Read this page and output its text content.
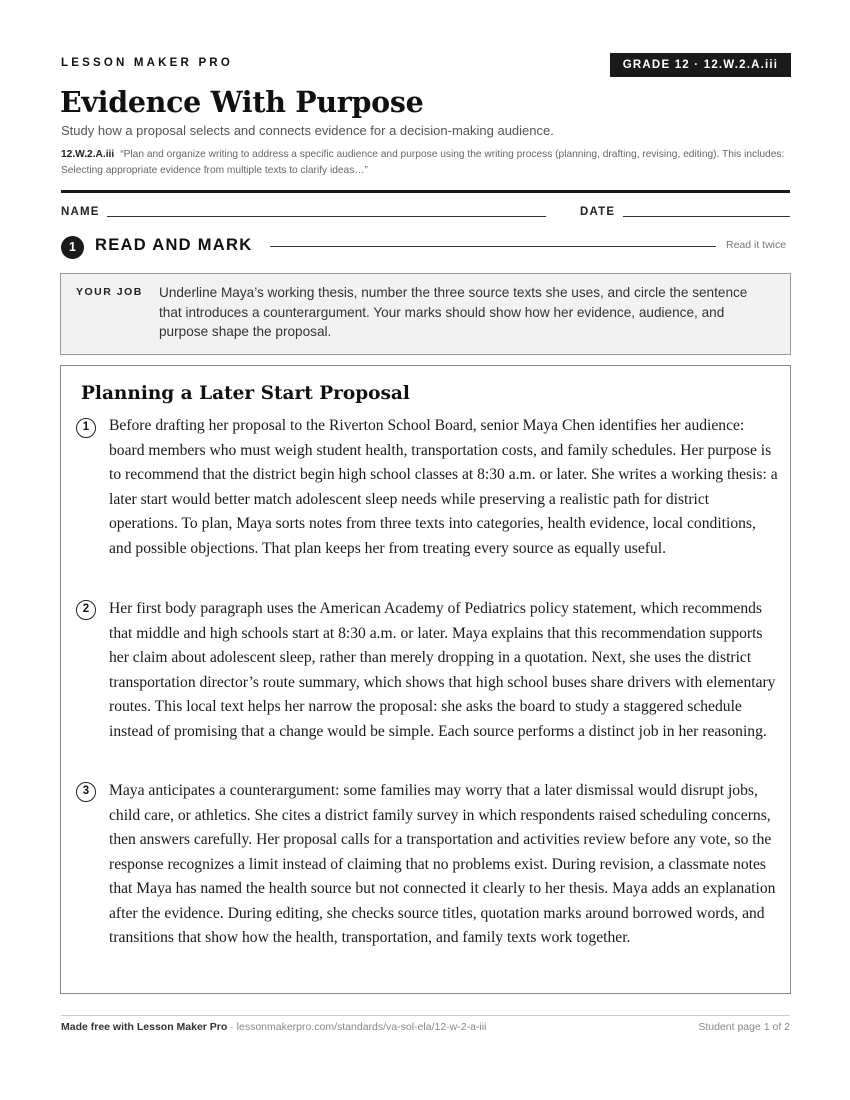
LESSON MAKER PRO	GRADE 12 · 12.W.2.A.iii
Evidence With Purpose
Study how a proposal selects and connects evidence for a decision-making audience.
12.W.2.A.iii “Plan and organize writing to address a specific audience and purpose using the writing process (planning, drafting, revising, editing). This includes: Selecting appropriate evidence from multiple texts to clarify ideas…”
NAME	DATE
1	READ AND MARK	Read it twice
YOUR JOB Underline Maya’s working thesis, number the three source texts she uses, and circle the sentence that introduces a counterargument. Your marks should show how her evidence, audience, and purpose shape the proposal.
Planning a Later Start Proposal
1	Before drafting her proposal to the Riverton School Board, senior Maya Chen identifies her audience: board members who must weigh student health, transportation costs, and family schedules. Her purpose is to recommend that the district begin high school classes at 8:30 a.m. or later. She writes a working thesis: a later start would better match adolescent sleep needs while preserving a realistic path for district operations. To plan, Maya sorts notes from three texts into categories, health evidence, local conditions, and possible objections. That plan keeps her from treating every source as equally useful.
2	Her first body paragraph uses the American Academy of Pediatrics policy statement, which recommends that middle and high schools start at 8:30 a.m. or later. Maya explains that this recommendation supports her claim about adolescent sleep, rather than merely dropping in a quotation. Next, she uses the district transportation director’s route summary, which shows that high school buses share drivers with elementary routes. This local text helps her narrow the proposal: she asks the board to study a staggered schedule instead of promising that a change would be simple. Each source performs a distinct job in her reasoning.
3	Maya anticipates a counterargument: some families may worry that a later dismissal would disrupt jobs, child care, or athletics. She cites a district family survey in which respondents raised scheduling concerns, then answers carefully. Her proposal calls for a transportation and activities review before any vote, so the response recognizes a limit instead of claiming that no problems exist. During revision, a classmate notes that Maya has named the health source but not connected it clearly to her thesis. Maya adds an explanation after the evidence. During editing, she checks source titles, quotation marks around borrowed words, and transitions that show how the health, transportation, and family texts work together.
Made free with Lesson Maker Pro · lessonmakerpro.com/standards/va-sol-ela/12-w-2-a-iii	Student page 1 of 2
